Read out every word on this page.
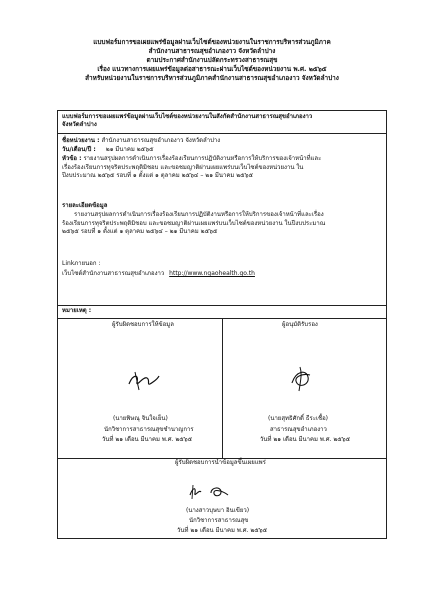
แบบฟอร์มการขอเผยแพร่ข้อมูลผ่านเว็บไซต์ของหน่วยงานในราชการบริหารส่วนภูมิภาค
สำนักงานสาธารณสุขอำเภองาว จังหวัดลำปาง
ตามประกาศสำนักงานปลัดกระทรวงสาธารณสุข
เรื่อง แนวทางการเผยแพร่ข้อมูลต่อสาธารณะผ่านเว็บไซต์ของหน่วยงาน พ.ศ. ๒๕๖๕
สำหรับหน่วยงานในราชการบริหารส่วนภูมิภาคสำนักงานสาธารณสุขอำเภองาว จังหวัดลำปาง
แบบฟอร์มการขอเผยแพร่ข้อมูลผ่านเว็บไซต์ของหน่วยงานในสังกัดสำนักงานสาธารณสุขอำเภองาว
จังหวัดลำปาง
ชื่อหน่วยงาน : สำนักงานสาธารณสุขอำเภองาว จังหวัดลำปาง
วัน/เดือน/ปี : ๒๑ มีนาคม ๒๕๖๕
หัวข้อ : รายงานสรุปผลการดำเนินการเรื่องร้องเรียนการปฏิบัติงานหรือการให้บริการของเจ้าหน้าที่และ
เรื่องร้องเรียนการทุจริตประพฤติมิชอบ และขอชมญาติผ่านเผยแพร่บนเว็บไซต์ของหน่วยงาน ใน
ปีงบประมาณ ๒๕๖๕ รอบที่ ๑ ตั้งแต่ ๑ ตุลาคม ๒๕๖๔ – ๒๑ มีนาคม ๒๕๖๕
รายละเอียดข้อมูล
รายงานสรุปผลการดำเนินการเรื่องร้องเรียนการปฏิบัติงานหรือการให้บริการของเจ้าหน้าที่และเรื่อง
ร้องเรียนการทุจริตประพฤติมิชอบ และขอชมญาติผ่านเผยแพร่บนเว็บไซต์ของหน่วยงาน ในปีงบประมาณ
๒๕๖๕ รอบที่ ๑ ตั้งแต่ ๑ ตุลาคม ๒๕๖๔ – ๒๑ มีนาคม ๒๕๖๕
Linkภายนอก :
เว็บไซต์สำนักงานสาธารณสุขอำเภองาว http://www.ngaohealth.go.th
หมายเหตุ :
ผู้รับผิดชอบการให้ข้อมูล
(นายพิษณุ จินใจเย็น)
นักวิชาการสาธารณสุขชำนาญการ
วันที่ ๒๑ เดือน มีนาคม พ.ศ. ๒๕๖๕
ผู้อนุมัติรับรอง
(นายสุทธิศักดิ์ ธีระเชื้อ)
สาธารณสุขอำเภองาว
วันที่ ๒๑ เดือน มีนาคม พ.ศ. ๒๕๖๕
ผู้รับผิดชอบการนำข้อมูลขึ้นเผยแพร่
(นางสาวบุษบา อินเขียว)
นักวิชาการสาธารณสุข
วันที่ ๒๑ เดือน มีนาคม พ.ศ. ๒๕๖๕
